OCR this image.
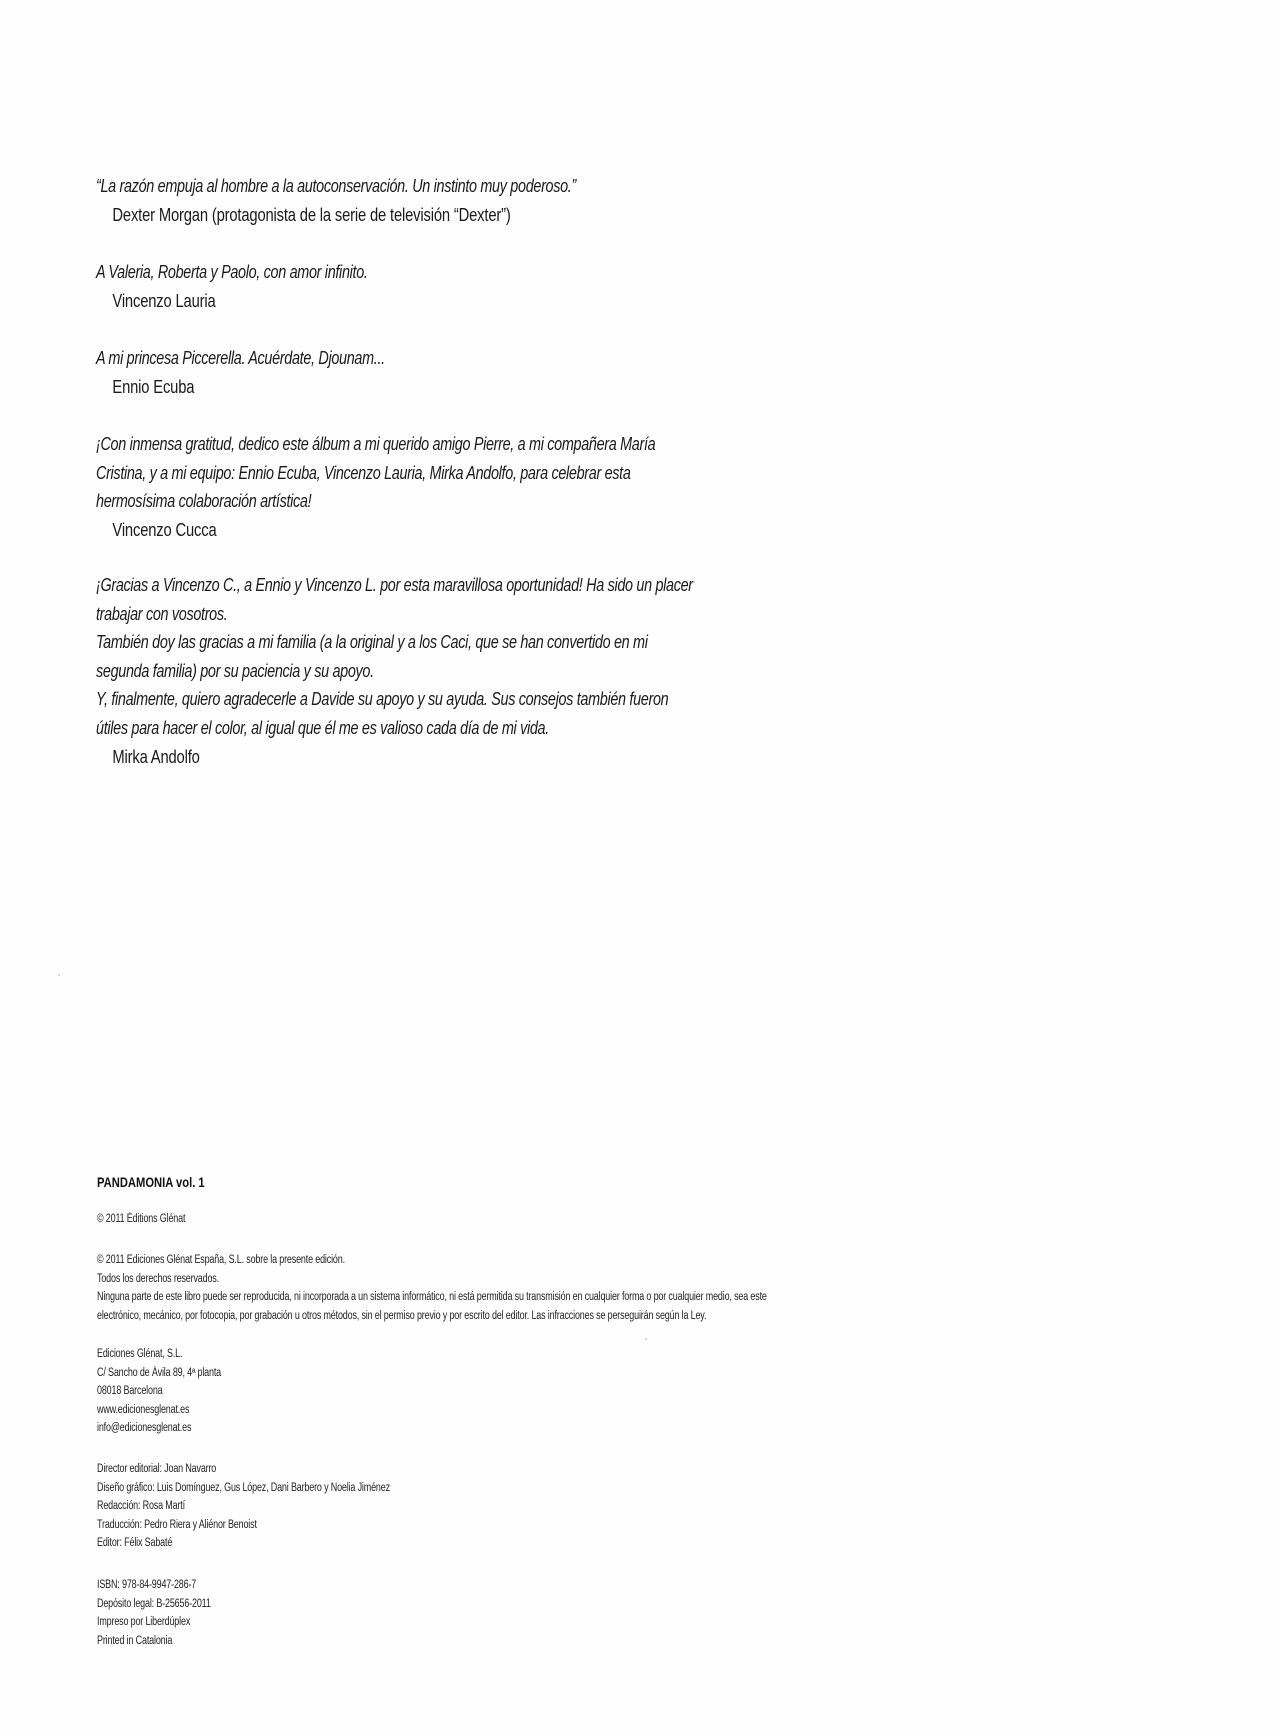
“La razón empuja al hombre a la autoconservación. Un instinto muy poderoso.”
Dexter Morgan (protagonista de la serie de televisión “Dexter”)
A Valeria, Roberta y Paolo, con amor infinito.
Vincenzo Lauria
A mi princesa Piccerella. Acuérdate, Djounam...
Ennio Ecuba
¡Con inmensa gratitud, dedico este álbum a mi querido amigo Pierre, a mi compañera María
Cristina, y a mi equipo: Ennio Ecuba, Vincenzo Lauria, Mirka Andolfo, para celebrar esta
hermosísima colaboración artística!
Vincenzo Cucca
¡Gracias a Vincenzo C., a Ennio y Vincenzo L. por esta maravillosa oportunidad! Ha sido un placer
trabajar con vosotros.
También doy las gracias a mi familia (a la original y a los Caci, que se han convertido en mi
segunda familia) por su paciencia y su apoyo.
Y, finalmente, quiero agradecerle a Davide su apoyo y su ayuda. Sus consejos también fueron
útiles para hacer el color, al igual que él me es valioso cada día de mi vida.
Mirka Andolfo
PANDAMONIA vol. 1
© 2011 Éditions Glénat
© 2011 Ediciones Glénat España, S.L. sobre la presente edición.
Todos los derechos reservados.
Ninguna parte de este libro puede ser reproducida, ni incorporada a un sistema informático, ni está permitida su transmisión en cualquier forma o por cualquier medio, sea este
electrónico, mecánico, por fotocopia, por grabación u otros métodos, sin el permiso previo y por escrito del editor. Las infracciones se perseguirán según la Ley.
Ediciones Glénat, S.L.
C/ Sancho de Ávila 89, 4ª planta
08018 Barcelona
www.edicionesglenat.es
info@edicionesglenat.es
Director editorial: Joan Navarro
Diseño gráfico: Luis Domínguez, Gus López, Dani Barbero y Noelia Jiménez
Redacción: Rosa Martí
Traducción: Pedro Riera y Aliénor Benoist
Editor: Félix Sabaté
ISBN: 978-84-9947-286-7
Depósito legal: B-25656-2011
Impreso por Liberdúplex
Printed in Catalonia
